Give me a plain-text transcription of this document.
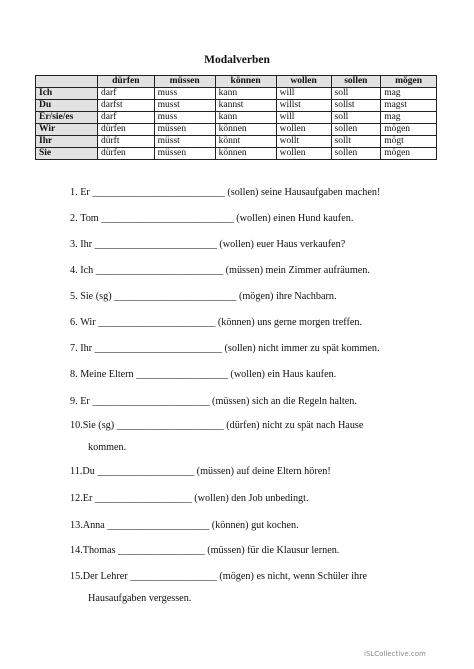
Modalverben
	dürfen	müssen	können	wollen	sollen	mögen
Ich	darf	muss	kann	will	soll	mag
Du	darfst	musst	kannst	willst	sollst	magst
Er/sie/es	darf	muss	kann	will	soll	mag
Wir	dürfen	müssen	können	wollen	sollen	mögen
Ihr	dürft	müsst	könnt	wollt	sollt	mögt
Sie	dürfen	müssen	können	wollen	sollen	mögen
1. Er __________________________ (sollen) seine Hausaufgaben machen!
2. Tom __________________________ (wollen) einen Hund kaufen.
3. Ihr ________________________ (wollen) euer Haus verkaufen?
4. Ich _________________________ (müssen) mein Zimmer aufräumen.
5. Sie (sg) ________________________ (mögen) ihre Nachbarn.
6. Wir _______________________ (können) uns gerne morgen treffen.
7. Ihr _________________________ (sollen) nicht immer zu spät kommen.
8. Meine Eltern __________________ (wollen) ein Haus kaufen.
9. Er _______________________ (müssen) sich an die Regeln halten.
10.Sie (sg) _____________________ (dürfen) nicht zu spät nach Hause
kommen.
11.Du ___________________ (müssen) auf deine Eltern hören!
12.Er ___________________ (wollen) den Job unbedingt.
13.Anna ____________________ (können) gut kochen.
14.Thomas _________________ (müssen) für die Klausur lernen.
15.Der Lehrer _________________ (mögen) es nicht, wenn Schüler ihre
Hausaufgaben vergessen.
iSLCollective.com
